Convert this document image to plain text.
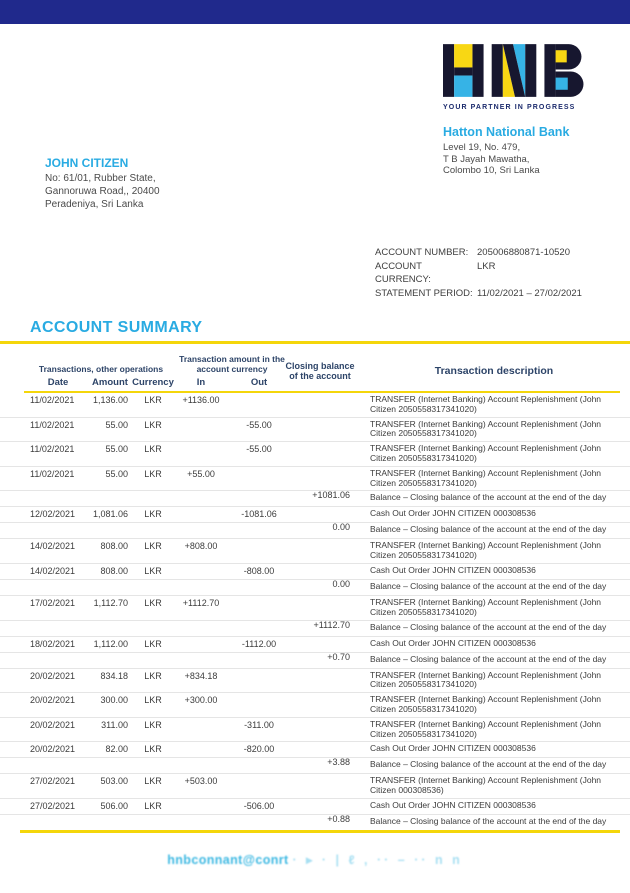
YOUR PARTNER IN PROGRESS
Hatton National Bank
Level 19, No. 479,
T B Jayah Mawatha,
Colombo 10, Sri Lanka
JOHN CITIZEN
No: 61/01, Rubber State,
Gannoruwa Road,, 20400
Peradeniya, Sri Lanka
ACCOUNT NUMBER: 205006880871-10520
ACCOUNT CURRENCY:
LKR
STATEMENT PERIOD: 11/02/2021 – 27/02/2021
ACCOUNT SUMMARY
Transactions, other operations
Transaction amount in the account currency	Closing balance of the account	Transaction description
Date	Amount Currency	In	Out
11/02/2021	1,136.00	LKR	+1136.00	TRANSFER (Internet Banking) Account Replenishment (John Citizen 2050558317341020)
11/02/2021	55.00	LKR	-55.00	TRANSFER (Internet Banking) Account Replenishment (John Citizen 2050558317341020)
11/02/2021	55.00	LKR	-55.00	TRANSFER (Internet Banking) Account Replenishment (John Citizen 2050558317341020)
11/02/2021	55.00	LKR	+55.00	TRANSFER (Internet Banking) Account Replenishment (John Citizen 2050558317341020)
+1081.06	Balance – Closing balance of the account at the end of the day
12/02/2021	1,081.06	LKR	-1081.06	Cash Out Order JOHN CITIZEN 000308536
0.00	Balance – Closing balance of the account at the end of the day
14/02/2021	808.00	LKR	+808.00	TRANSFER (Internet Banking) Account Replenishment (John Citizen 2050558317341020)
14/02/2021	808.00	LKR	-808.00	Cash Out Order JOHN CITIZEN 000308536
0.00	Balance – Closing balance of the account at the end of the day
17/02/2021	1,112.70	LKR	+1112.70	TRANSFER (Internet Banking) Account Replenishment (John Citizen 2050558317341020)
+1112.70	Balance – Closing balance of the account at the end of the day
18/02/2021	1,112.00	LKR	-1112.00	Cash Out Order JOHN CITIZEN 000308536
+0.70	Balance – Closing balance of the account at the end of the day
20/02/2021	834.18	LKR	+834.18	TRANSFER (Internet Banking) Account Replenishment (John Citizen 2050558317341020)
20/02/2021	300.00	LKR	+300.00	TRANSFER (Internet Banking) Account Replenishment (John Citizen 2050558317341020)
20/02/2021	311.00	LKR	-311.00	TRANSFER (Internet Banking) Account Replenishment (John Citizen 2050558317341020)
20/02/2021	82.00	LKR	-820.00	Cash Out Order JOHN CITIZEN 000308536
+3.88	Balance – Closing balance of the account at the end of the day
27/02/2021	503.00	LKR	+503.00	TRANSFER (Internet Banking) Account Replenishment (John Citizen 000308536)
27/02/2021	506.00	LKR	-506.00	Cash Out Order JOHN CITIZEN 000308536
+0.88	Balance – Closing balance of the account at the end of the day
hnbconnant@conrt · ▸ · | ℓ , ·· – ·· n n
